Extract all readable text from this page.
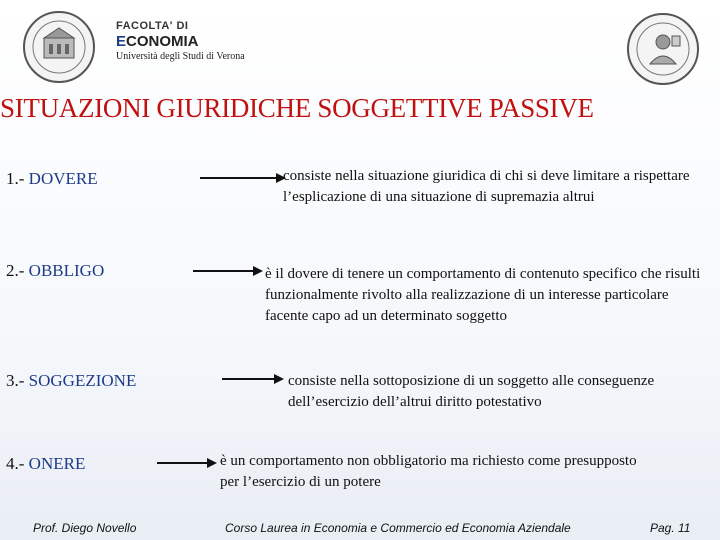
FACOLTA' DI
ECONOMIA
Università degli Studi di Verona
SITUAZIONI GIURIDICHE SOGGETTIVE PASSIVE
1.- DOVERE	consiste nella situazione giuridica di chi si deve limitare a rispettare l’esplicazione di una situazione di supremazia altrui
2.- OBBLIGO	è il dovere di tenere un comportamento di contenuto specifico che risulti funzionalmente rivolto alla realizzazione di un interesse particolare facente capo ad un determinato soggetto
3.- SOGGEZIONE	consiste nella sottoposizione di un soggetto alle conseguenze dell’esercizio dell’altrui diritto potestativo
4.- ONERE	è un comportamento non obbligatorio ma richiesto come presupposto per l’esercizio di un potere
Prof. Diego Novello	Corso Laurea in Economia e Commercio ed Economia Aziendale	Pag. 11
